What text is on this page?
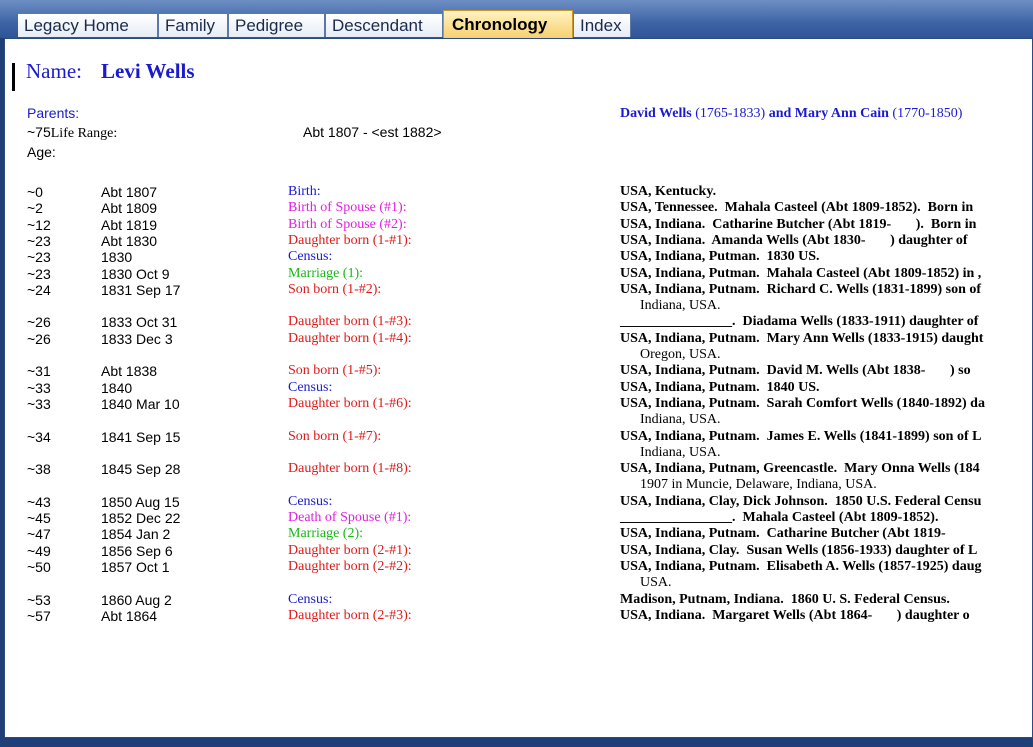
Legacy Home	Family	Pedigree	Descendant	Chronology	Index
Name: Levi Wells
Parents:	David Wells (1765-1833) and Mary Ann Cain (1770-1850)
~75Life Range:	Abt 1807 - <est 1882>
Age:
~0	Abt 1807	Birth:	USA, Kentucky.
~2	Abt 1809	Birth of Spouse (#1):	USA, Tennessee.  Mahala Casteel (Abt 1809-1852).  Born in
~12	Abt 1819	Birth of Spouse (#2):	USA, Indiana.  Catharine Butcher (Abt 1819-       ).  Born in
~23	Abt 1830	Daughter born (1-#1):	USA, Indiana.  Amanda Wells (Abt 1830-       ) daughter of
~23	1830	Census:	USA, Indiana, Putman.  1830 US.
~23	1830 Oct 9	Marriage (1):	USA, Indiana, Putman.  Mahala Casteel (Abt 1809-1852) in ,
~24	1831 Sep 17	Son born (1-#2):	USA, Indiana, Putnam.  Richard C. Wells (1831-1899) son of
Indiana, USA.
~26	1833 Oct 31	Daughter born (1-#3):	________________.  Diadama Wells (1833-1911) daughter of
~26	1833 Dec 3	Daughter born (1-#4):	USA, Indiana, Putnam.  Mary Ann Wells (1833-1915) daught
Oregon, USA.
~31	Abt 1838	Son born (1-#5):	USA, Indiana, Putnam.  David M. Wells (Abt 1838-       ) so
~33	1840	Census:	USA, Indiana, Putnam.  1840 US.
~33	1840 Mar 10	Daughter born (1-#6):	USA, Indiana, Putnam.  Sarah Comfort Wells (1840-1892) da
Indiana, USA.
~34	1841 Sep 15	Son born (1-#7):	USA, Indiana, Putnam.  James E. Wells (1841-1899) son of L
Indiana, USA.
~38	1845 Sep 28	Daughter born (1-#8):	USA, Indiana, Putnam, Greencastle.  Mary Onna Wells (184
1907 in Muncie, Delaware, Indiana, USA.
~43	1850 Aug 15	Census:	USA, Indiana, Clay, Dick Johnson.  1850 U.S. Federal Censu
~45	1852 Dec 22	Death of Spouse (#1):	________________.  Mahala Casteel (Abt 1809-1852).
~47	1854 Jan 2	Marriage (2):	USA, Indiana, Putnam.  Catharine Butcher (Abt 1819-
~49	1856 Sep 6	Daughter born (2-#1):	USA, Indiana, Clay.  Susan Wells (1856-1933) daughter of L
~50	1857 Oct 1	Daughter born (2-#2):	USA, Indiana, Putnam.  Elisabeth A. Wells (1857-1925) daug
USA.
~53	1860 Aug 2	Census:	Madison, Putnam, Indiana.  1860 U. S. Federal Census.
~57	Abt 1864	Daughter born (2-#3):	USA, Indiana.  Margaret Wells (Abt 1864-       ) daughter o
